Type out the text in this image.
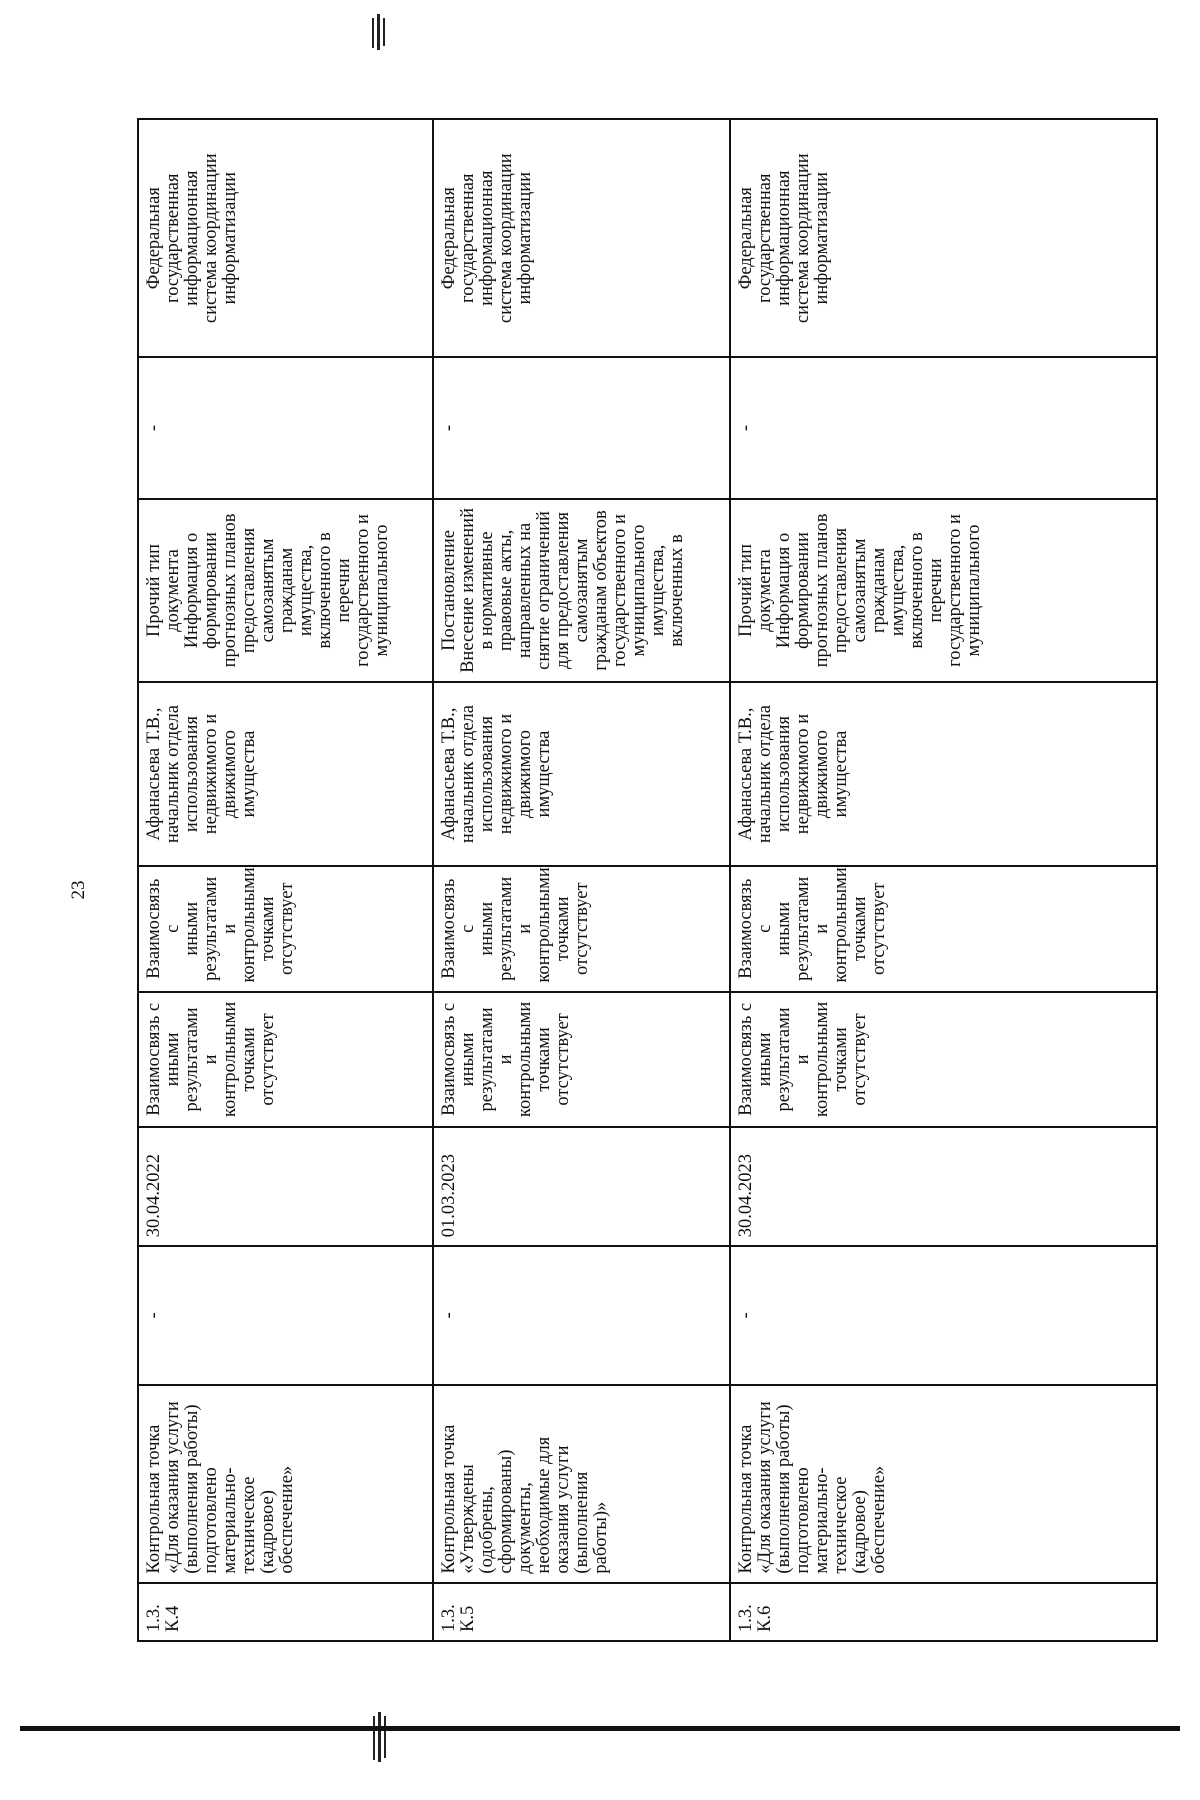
23
1.3.
К.4
Контрольная точка
«Для оказания услуги
(выполнения работы)
подготовлено
материально-
техническое
(кадровое)
обеспечение»
-
30.04.2022
Взаимосвязь с
иными
результатами и
контрольными
точками
отсутствует
Взаимосвязь с
иными
результатами
и
контрольными
точками
отсутствует
Афанасьева Т.В.,
начальник отдела
использования
недвижимого и
движимого
имущества
Прочий тип
документа
Информация о
формировании
прогнозных планов
предоставления
самозанятым
гражданам
имущества,
включенного в
перечни
государственного и
муниципального
-
Федеральная
государственная
информационная
система координации
информатизации
1.3.
К.5
Контрольная точка
«Утверждены
(одобрены,
сформированы)
документы,
необходимые для
оказания услуги
(выполнения
работы)»
-
01.03.2023
Взаимосвязь с
иными
результатами и
контрольными
точками
отсутствует
Взаимосвязь с
иными
результатами
и
контрольными
точками
отсутствует
Афанасьева Т.В.,
начальник отдела
использования
недвижимого и
движимого
имущества
Постановление
Внесение изменений
в нормативные
правовые акты,
направленных на
снятие ограничений
для предоставления
самозанятым
гражданам объектов
государственного и
муниципального
имущества,
включенных в
-
Федеральная
государственная
информационная
система координации
информатизации
1.3.
К.6
Контрольная точка
«Для оказания услуги
(выполнения работы)
подготовлено
материально-
техническое
(кадровое)
обеспечение»
-
30.04.2023
Взаимосвязь с
иными
результатами и
контрольными
точками
отсутствует
Взаимосвязь с
иными
результатами
и
контрольными
точками
отсутствует
Афанасьева Т.В.,
начальник отдела
использования
недвижимого и
движимого
имущества
Прочий тип
документа
Информация о
формировании
прогнозных планов
предоставления
самозанятым
гражданам
имущества,
включенного в
перечни
государственного и
муниципального
-
Федеральная
государственная
информационная
система координации
информатизации
